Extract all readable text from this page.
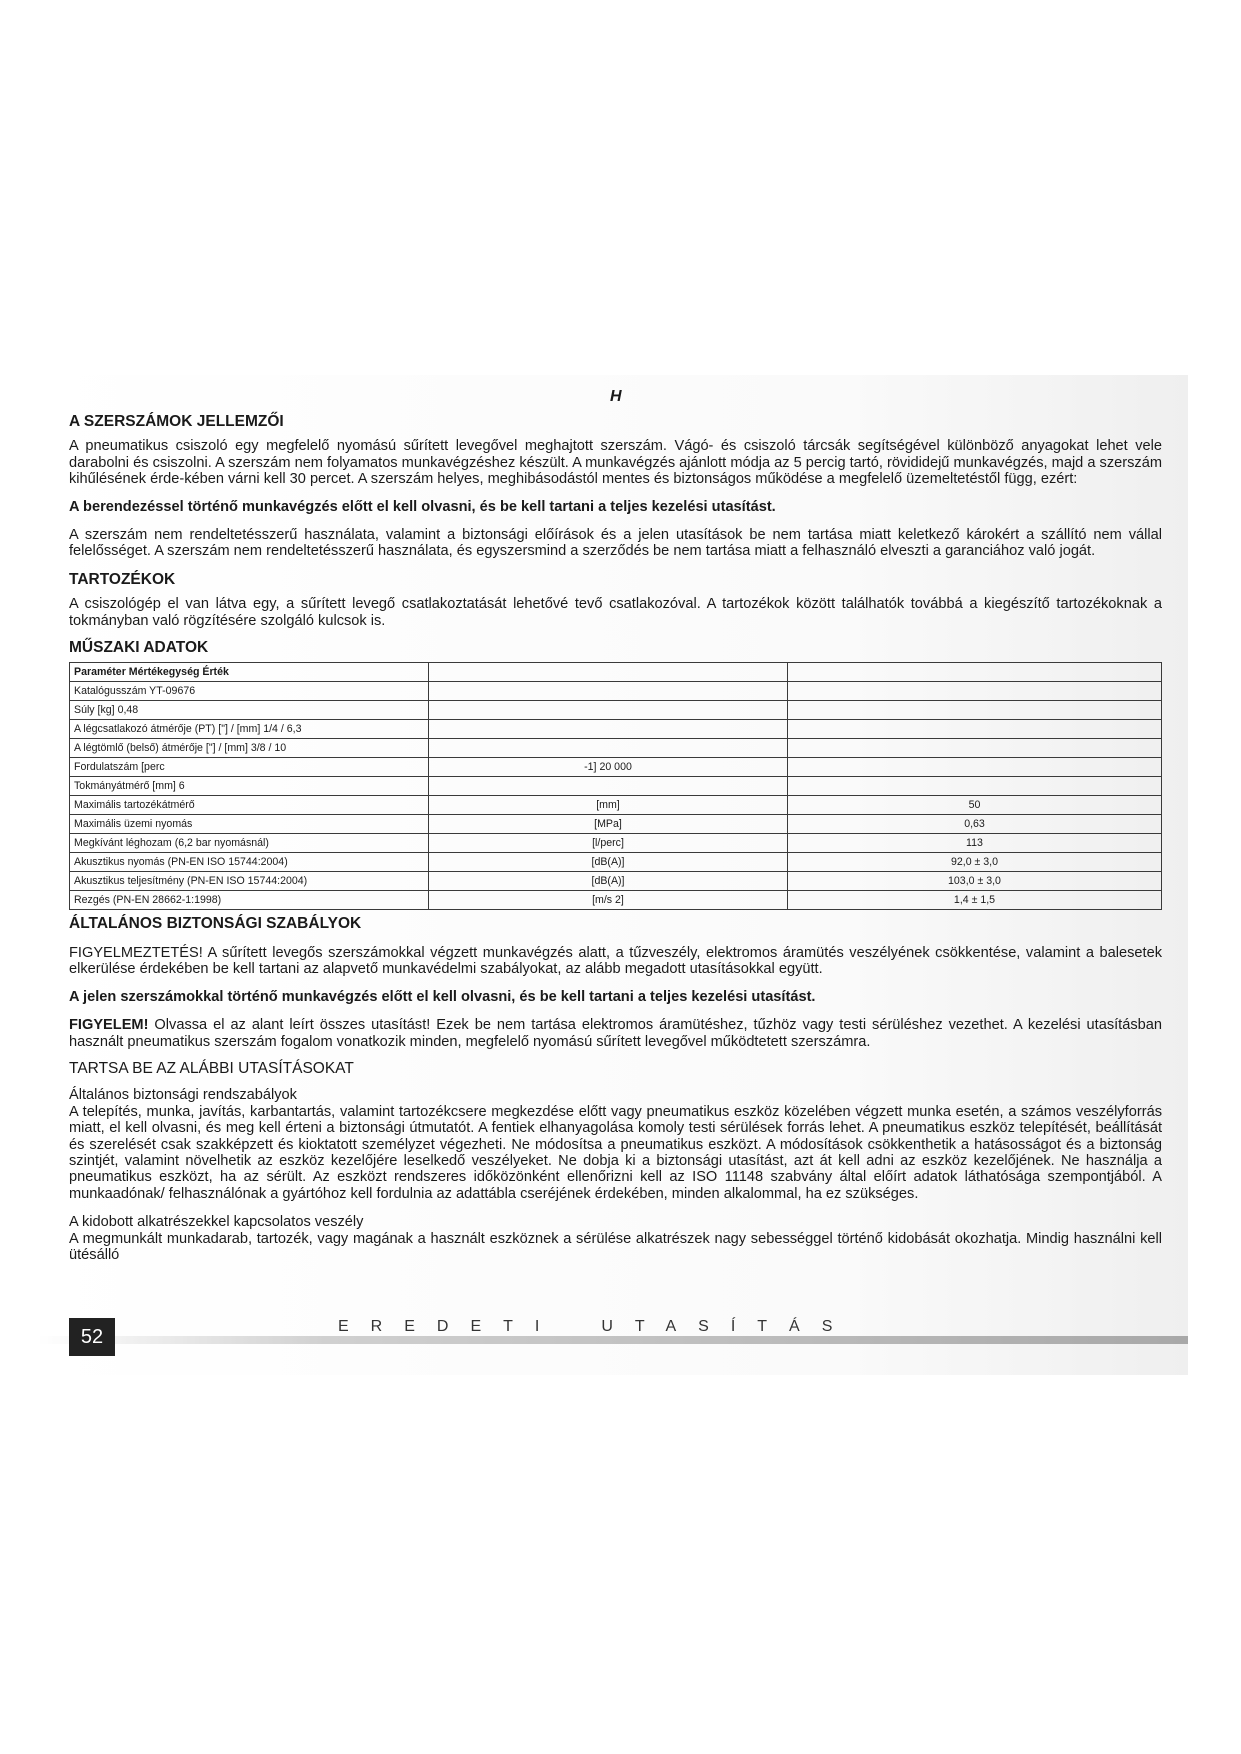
H
A SZERSZÁMOK JELLEMZŐI

A pneumatikus csiszoló egy megfelelő nyomású sűrített levegővel meghajtott szerszám. Vágó- és csiszoló tárcsák segítségével különböző anyagokat lehet vele darabolni és csiszolni. A szerszám nem folyamatos munkavégzéshez készült. A munkavégzés ajánlott módja az 5 percig tartó, rövididejű munkavégzés, majd a szerszám kihűlésének érde-kében várni kell 30 percet. A szerszám helyes, meghibásodástól mentes és biztonságos működése a megfelelő üzemeltetéstől függ, ezért:

A berendezéssel történő munkavégzés előtt el kell olvasni, és be kell tartani a teljes kezelési utasítást.

A szerszám nem rendeltetésszerű használata, valamint a biztonsági előírások és a jelen utasítások be nem tartása miatt keletkező károkért a szállító nem vállal felelősséget. A szerszám nem rendeltetésszerű használata, és egyszersmind a szerződés be nem tartása miatt a felhasználó elveszti a garanciához való jogát.

TARTOZÉKOK

A csiszológép el van látva egy, a sűrített levegő csatlakoztatását lehetővé tevő csatlakozóval. A tartozékok között találhatók továbbá a kiegészítő tartozékoknak a tokmányban való rögzítésére szolgáló kulcsok is.

MŰSZAKI ADATOK
Paraméter Mértékegység Érték		
Katalógusszám YT-09676		
Súly [kg] 0,48		
A légcsatlakozó átmérője (PT) ["] / [mm] 1/4 / 6,3		
A légtömlő (belső) átmérője ["] / [mm] 3/8 / 10		
Fordulatszám [perc	-1] 20 000	
Tokmányátmérő [mm] 6		
Maximális tartozékátmérő	[mm]	50
Maximális üzemi nyomás	[MPa]	0,63
Megkívánt léghozam (6,2 bar nyomásnál)	[l/perc]	113
Akusztikus nyomás (PN-EN ISO 15744:2004)	[dB(A)]	92,0 ± 3,0
Akusztikus teljesítmény (PN-EN ISO 15744:2004)	[dB(A)]	103,0 ± 3,0
Rezgés (PN-EN 28662-1:1998)	[m/s 2]	1,4 ± 1,5
ÁLTALÁNOS BIZTONSÁGI SZABÁLYOK

FIGYELMEZTETÉS! A sűrített levegős szerszámokkal végzett munkavégzés alatt, a tűzveszély, elektromos áramütés veszélyének csökkentése, valamint a balesetek elkerülése érdekében be kell tartani az alapvető munkavédelmi szabályokat, az alább megadott utasításokkal együtt.

A jelen szerszámokkal történő munkavégzés előtt el kell olvasni, és be kell tartani a teljes kezelési utasítást.

FIGYELEM! Olvassa el az alant leírt összes utasítást! Ezek be nem tartása elektromos áramütéshez, tűzhöz vagy testi sérüléshez vezethet. A kezelési utasításban használt pneumatikus szerszám fogalom vonatkozik minden, megfelelő nyomású sűrített levegővel működtetett szerszámra.

TARTSA BE AZ ALÁBBI UTASÍTÁSOKAT

Általános biztonsági rendszabályok

A telepítés, munka, javítás, karbantartás, valamint tartozékcsere megkezdése előtt vagy pneumatikus eszköz közelében végzett munka esetén, a számos veszélyforrás miatt, el kell olvasni, és meg kell érteni a biztonsági útmutatót. A fentiek elhanyagolása komoly testi sérülések forrás lehet. A pneumatikus eszköz telepítését, beállítását és szerelését csak szakképzett és kioktatott személyzet végezheti. Ne módosítsa a pneumatikus eszközt. A módosítások csökkenthetik a hatásosságot és a biztonság szintjét, valamint növelhetik az eszköz kezelőjére leselkedő veszélyeket. Ne dobja ki a biztonsági utasítást, azt át kell adni az eszköz kezelőjének. Ne használja a pneumatikus eszközt, ha az sérült. Az eszközt rendszeres időközönként ellenőrizni kell az ISO 11148 szabvány által előírt adatok láthatósága szempontjából. A munkaadónak/ felhasználónak a gyártóhoz kell fordulnia az adattábla cseréjének érdekében, minden alkalommal, ha ez szükséges.

A kidobott alkatrészekkel kapcsolatos veszély

A megmunkált munkadarab, tartozék, vagy magának a használt eszköznek a sérülése alkatrészek nagy sebességgel történő kidobását okozhatja. Mindig használni kell ütésálló

52	EREDETI	UTASÍTÁS
